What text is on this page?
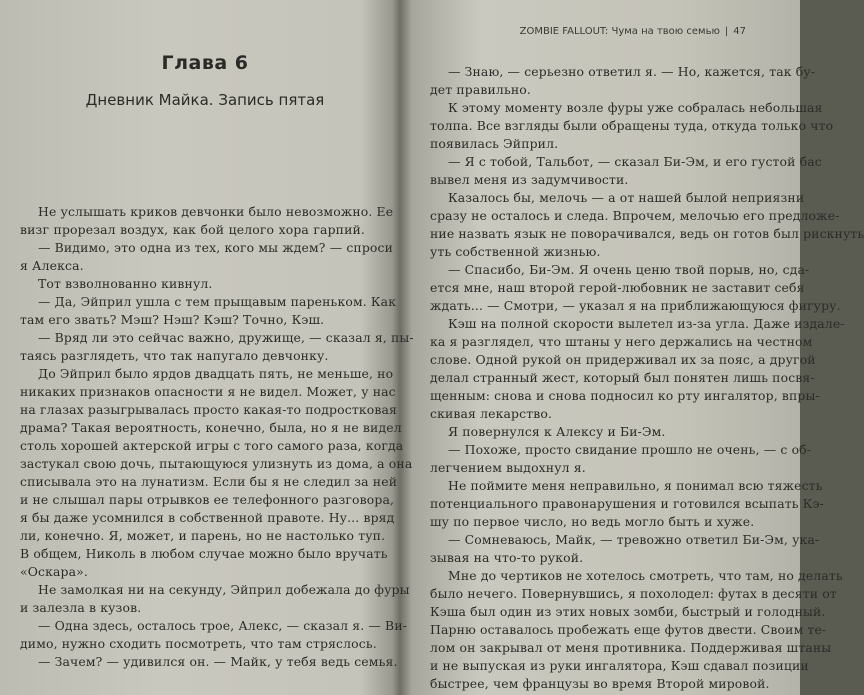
Глава 6
Дневник Майка. Запись пятая

Не услышать криков девчонки было невозможно. Ее

визг прорезал воздух, как бой целого хора гарпий.

— Видимо, это одна из тех, кого мы ждем? — спроси

я Алекса.

Тот взволнованно кивнул.

— Да, Эйприл ушла с тем прыщавым пареньком. Как

там его звать? Мэш? Нэш? Кэш? Точно, Кэш.

— Вряд ли это сейчас важно, дружище, — сказал я, пы-

таясь разглядеть, что так напугало девчонку.

До Эйприл было ярдов двадцать пять, не меньше, но

никаких признаков опасности я не видел. Может, у нас

на глазах разыгрывалась просто какая-то подростковая

драма? Такая вероятность, конечно, была, но я не видел

столь хорошей актерской игры с того самого раза, когда

застукал свою дочь, пытающуюся улизнуть из дома, а она

списывала это на лунатизм. Если бы я не следил за ней

и не слышал пары отрывков ее телефонного разговора,

я бы даже усомнился в собственной правоте. Ну... вряд

ли, конечно. Я, может, и парень, но не настолько туп.

В общем, Николь в любом случае можно было вручать

«Оскара».

Не замолкая ни на секунду, Эйприл добежала до фуры

и залезла в кузов.

— Одна здесь, осталось трое, Алекс, — сказал я. — Ви-

димо, нужно сходить посмотреть, что там стряслось.

— Зачем? — удивился он. — Майк, у тебя ведь семья.

ZOMBIE FALLOUT: Чума на твою семью | 47

— Знаю, — серьезно ответил я. — Но, кажется, так бу-

дет правильно.

К этому моменту возле фуры уже собралась небольшая

толпа. Все взгляды были обращены туда, откуда только что

появилась Эйприл.

— Я с тобой, Тальбот, — сказал Би-Эм, и его густой бас

вывел меня из задумчивости.

Казалось бы, мелочь — а от нашей былой неприязни

сразу не осталось и следа. Впрочем, мелочью его предложе-

ние назвать язык не поворачивался, ведь он готов был рискнуть

уть собственной жизнью.

— Спасибо, Би-Эм. Я очень ценю твой порыв, но, сда-

ется мне, наш второй герой-любовник не заставит себя

ждать... — Смотри, — указал я на приближающуюся фигуру.

Кэш на полной скорости вылетел из-за угла. Даже издале-

ка я разглядел, что штаны у него держались на честном

слове. Одной рукой он придерживал их за пояс, а другой

делал странный жест, который был понятен лишь посвя-

щенным: снова и снова подносил ко рту ингалятор, впры-

скивая лекарство.

Я повернулся к Алексу и Би-Эм.

— Похоже, просто свидание прошло не очень, — с об-

легчением выдохнул я.

Не поймите меня неправильно, я понимал всю тяжесть

потенциального правонарушения и готовился всыпать Кэ-

шу по первое число, но ведь могло быть и хуже.

— Сомневаюсь, Майк, — тревожно ответил Би-Эм, ука-

зывая на что-то рукой.

Мне до чертиков не хотелось смотреть, что там, но делать

было нечего. Повернувшись, я похолодел: футах в десяти от

Кэша был один из этих новых зомби, быстрый и голодный.

Парню оставалось пробежать еще футов двести. Своим те-

лом он закрывал от меня противника. Поддерживая штаны

и не выпуская из руки ингалятора, Кэш сдавал позиции

быстрее, чем французы во время Второй мировой.
